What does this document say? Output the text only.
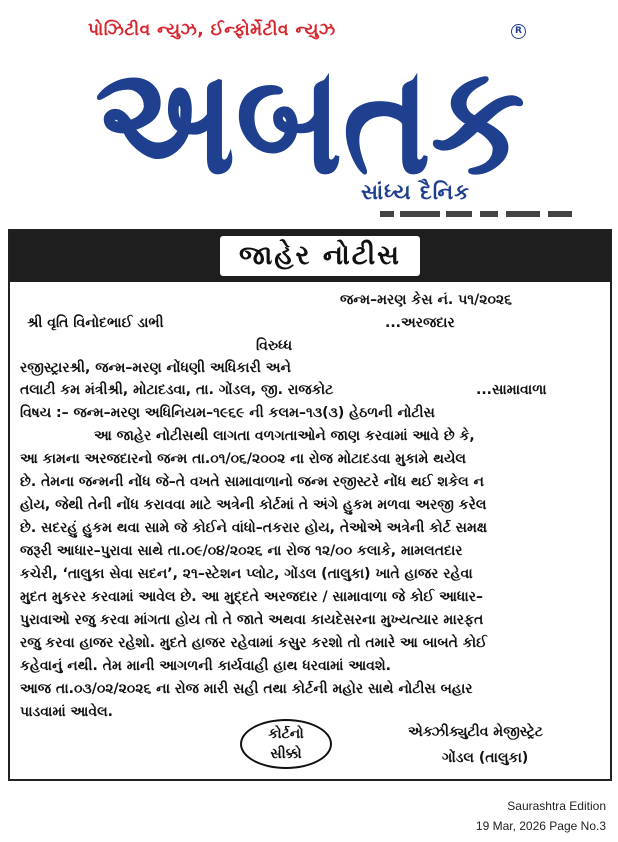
પોઝિટીવ ન્યુઝ, ઈન્ફોર્મેટીવ ન્યુઝ	R
અબતક
સાંધ્ય દૈનિક
જાહેર નોટીસ
જન્મ–મરણ કેસ નં. ૫૧/૨૦૨૬
શ્રી વૃતિ વિનોદભાઈ ડાભી	...અરજદાર
વિરુધ્ધ
રજીસ્ટ્રારશ્રી, જન્મ–મરણ નોંધણી અધિકારી અને
તલાટી કમ મંત્રીશ્રી, મોટાદડવા, તા. ગોંડલ, જી. રાજકોટ	...સામાવાળા
વિષય :– જન્મ–મરણ અધિનિયમ–૧૯૬૯ ની કલમ–૧૩(૩) હેઠળની નોટીસ
આ જાહેર નોટીસથી લાગતા વળગતાઓને જાણ કરવામાં આવે છે કે,
આ કામના અરજદારનો જન્મ તા.૦૧/૦૬/૨૦૦૨ ના રોજ મોટાદડવા મુકામે થયેલ
છે. તેમના જન્મની નોંધ જે–તે વખતે સામાવાળાનો જન્મ રજીસ્ટરે નોંધ થઈ શકેલ ન
હોય, જેથી તેની નોંધ કરાવવા માટે અત્રેની કોર્ટમાં તે અંગે હુકમ મળવા અરજી કરેલ
છે. સદરહું હુકમ થવા સામે જે કોઈને વાંધો–તકરાર હોય, તેઓએ અત્રેની કોર્ટ સમક્ષ
જરૂરી આધાર–પુરાવા સાથે તા.૦૯/૦૪/૨૦૨૬ ના રોજ ૧૨/૦૦ કલાકે, મામલતદાર
કચેરી, ‘તાલુકા સેવા સદન’, ૨૧–સ્ટેશન પ્લોટ, ગોંડલ (તાલુકા) ખાતે હાજર રહેવા
મુદત મુકરર કરવામાં આવેલ છે. આ મુદ્દતે અરજદાર / સામાવાળા જે કોઈ આધાર–
પુરાવાઓ રજુ કરવા માંગતા હોય તો તે જાતે અથવા કાયદેસરના મુખ્યત્યાર મારફત
રજુ કરવા હાજર રહેશો. મુદતે હાજર રહેવામાં કસુર કરશો તો તમારે આ બાબતે કોઈ
કહેવાનું નથી. તેમ માની આગળની કાર્યવાહી હાથ ધરવામાં આવશે.
આજ તા.૦૩/૦૨/૨૦૨૬ ના રોજ મારી સહી તથા કોર્ટની મહોર સાથે નોટીસ બહાર
પાડવામાં આવેલ.
કોર્ટનો
સીક્કો
એક્ઝીક્યુટીવ મેજીસ્ટ્રેટ
ગોંડલ (તાલુકા)
Saurashtra Edition
19 Mar, 2026 Page No.3
